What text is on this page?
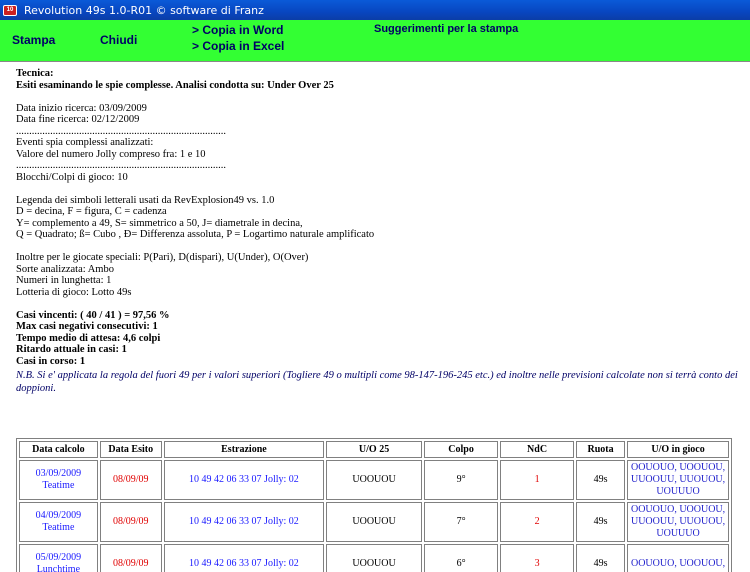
10 Revolution 49s 1.0-R01 © software di Franz
Stampa	Chiudi
> Copia in Word
> Copia in Excel
Suggerimenti per la stampa
Tecnica:
Esiti esaminando le spie complesse. Analisi condotta su: Under Over 25
Data inizio ricerca: 03/09/2009
Data fine ricerca: 02/12/2009
................................................................................
Eventi spia complessi analizzati:
Valore del numero Jolly compreso fra: 1 e 10
................................................................................
Blocchi/Colpi di gioco: 10
Legenda dei simboli letterali usati da RevExplosion49 vs. 1.0
D = decina, F = figura, C = cadenza
Y= complemento a 49, S= simmetrico a 50, J= diametrale in decina,
Q = Quadrato; ß= Cubo , Ð= Differenza assoluta, P = Logartimo naturale amplificato
Inoltre per le giocate speciali: P(Pari), D(dispari), U(Under), O(Over)
Sorte analizzata: Ambo
Numeri in lunghetta: 1
Lotteria di gioco: Lotto 49s
Casi vincenti: ( 40 / 41 ) = 97,56 %
Max casi negativi consecutivi: 1
Tempo medio di attesa: 4,6 colpi
Ritardo attuale in casi: 1
Casi in corso: 1
N.B. Si e' applicata la regola del fuori 49 per i valori superiori (Togliere 49 o multipli come 98-147-196-245 etc.) ed inoltre nelle previsioni calcolate non si terrà conto dei doppioni.
Data calcolo	Data Esito	Estrazione	U/O 25	Colpo	NdC	Ruota	U/O in gioco
03/09/2009
Teatime	08/09/09	10 49 42 06 33 07 Jolly: 02	UOOUOU	9°	1	49s	OOUOUO, UOOUOU, UUOOUU, UUOUOU, UOUUUO
04/09/2009
Teatime	08/09/09	10 49 42 06 33 07 Jolly: 02	UOOUOU	7°	2	49s	OOUOUO, UOOUOU, UUOOUU, UUOUOU, UOUUUO
05/09/2009
Lunchtime	08/09/09	10 49 42 06 33 07 Jolly: 02	UOOUOU	6°	3	49s	OOUOUO, UOOUOU,
